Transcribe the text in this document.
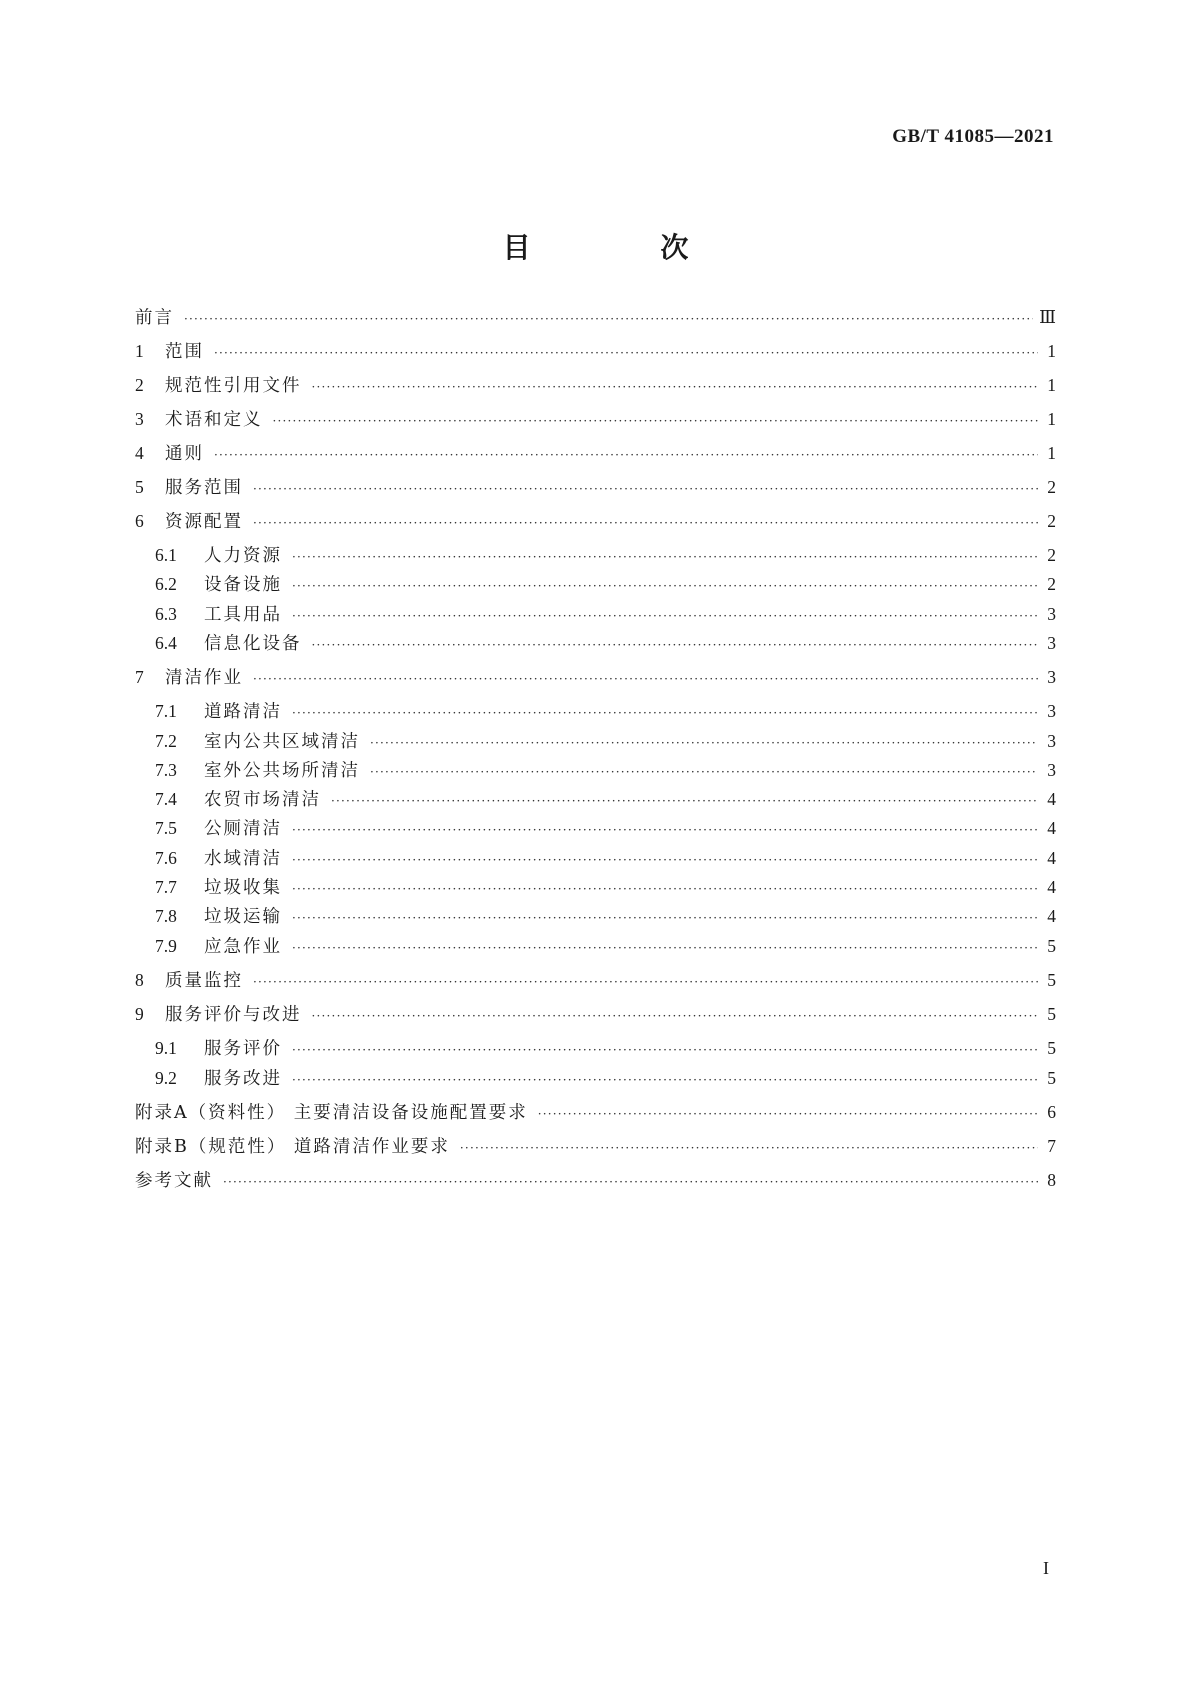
GB/T 41085—2021
目 次
前言 ·····	Ⅲ
1	范围 ·····	1
2	规范性引用文件 ·····	1
3	术语和定义 ·····	1
4	通则 ·····	1
5	服务范围 ·····	2
6	资源配置 ·····	2
6.1	人力资源 ·····	2
6.2	设备设施 ·····	2
6.3	工具用品 ·····	3
6.4	信息化设备 ·····	3
7	清洁作业 ·····	3
7.1	道路清洁 ·····	3
7.2	室内公共区域清洁 ·····	3
7.3	室外公共场所清洁 ·····	3
7.4	农贸市场清洁 ·····	4
7.5	公厕清洁 ·····	4
7.6	水域清洁 ·····	4
7.7	垃圾收集 ·····	4
7.8	垃圾运输 ·····	4
7.9	应急作业 ·····	5
8	质量监控 ·····	5
9	服务评价与改进 ·····	5
9.1	服务评价 ·····	5
9.2	服务改进 ·····	5
附录A（资料性） 主要清洁设备设施配置要求 ·····	6
附录B（规范性） 道路清洁作业要求 ·····	7
参考文献 ·····	8
I
